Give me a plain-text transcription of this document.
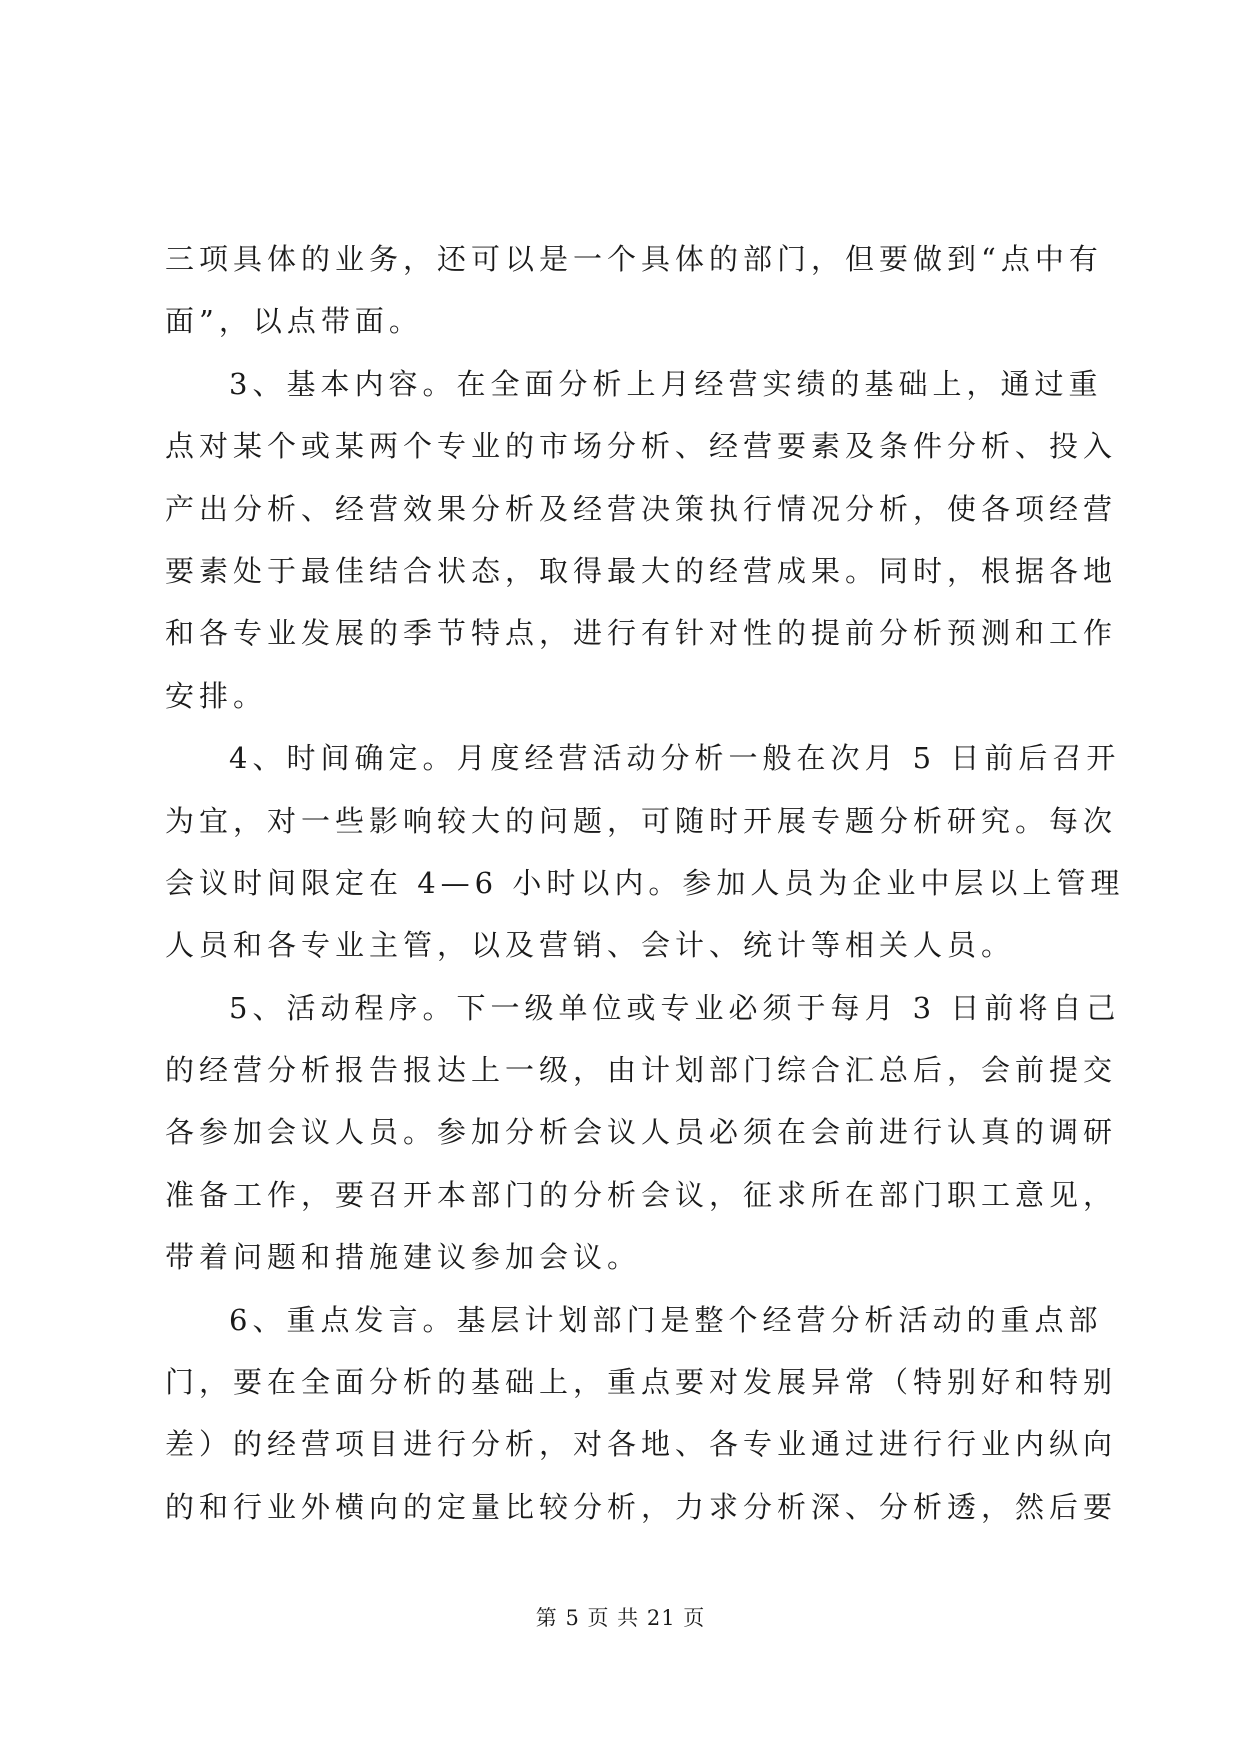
三项具体的业务，还可以是一个具体的部门，但要做到“点中有
面”，以点带面。
3、基本内容。在全面分析上月经营实绩的基础上，通过重
点对某个或某两个专业的市场分析、经营要素及条件分析、投入
产出分析、经营效果分析及经营决策执行情况分析，使各项经营
要素处于最佳结合状态，取得最大的经营成果。同时，根据各地
和各专业发展的季节特点，进行有针对性的提前分析预测和工作
安排。
4、时间确定。月度经营活动分析一般在次月 5 日前后召开
为宜，对一些影响较大的问题，可随时开展专题分析研究。每次
会议时间限定在 4—6 小时以内。参加人员为企业中层以上管理
人员和各专业主管，以及营销、会计、统计等相关人员。
5、活动程序。下一级单位或专业必须于每月 3 日前将自己
的经营分析报告报达上一级，由计划部门综合汇总后，会前提交
各参加会议人员。参加分析会议人员必须在会前进行认真的调研
准备工作，要召开本部门的分析会议，征求所在部门职工意见，
带着问题和措施建议参加会议。
6、重点发言。基层计划部门是整个经营分析活动的重点部
门，要在全面分析的基础上，重点要对发展异常（特别好和特别
差）的经营项目进行分析，对各地、各专业通过进行行业内纵向
的和行业外横向的定量比较分析，力求分析深、分析透，然后要
第 5 页 共 21 页
